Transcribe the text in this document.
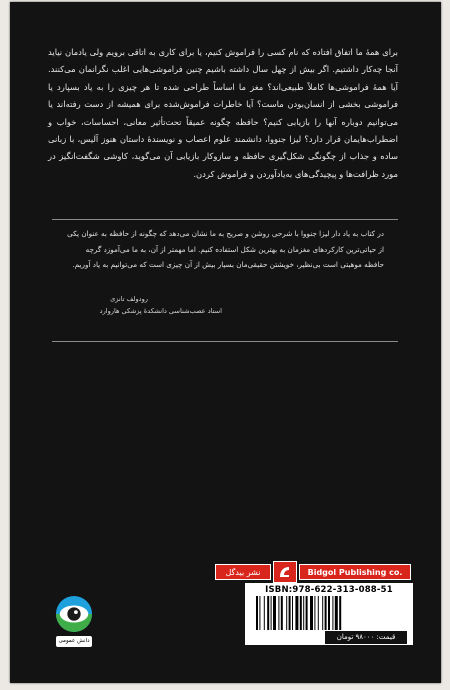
برای همهٔ ما اتفاق افتاده که نام کسی را فراموش کنیم، یا برای کاری به اتاقی برویم ولی یادمان نیاید آنجا چه‌کار داشتیم. اگر بیش از چهل سال داشته باشیم چنین فراموشی‌هایی اغلب نگرانمان می‌کنند. آیا همهٔ فراموشی‌ها کاملاً طبیعی‌اند؟ مغز ما اساساً طراحی شده تا هر چیزی را به یاد بسپارد یا فراموشی بخشی از انسان‌بودن ماست؟ آیا خاطرات فراموش‌شده برای همیشه از دست رفته‌اند یا می‌توانیم دوباره آنها را بازیابی کنیم؟ حافظه چگونه عمیقاً تحت‌تأثیر معانی، احساسات، خواب و اضطراب‌هایمان قرار دارد؟ لیزا جنووا، دانشمند علوم اعصاب و نویسندهٔ داستان هنوز آلیس، با زبانی ساده و جذاب از چگونگی شکل‌گیری حافظه و سازوکار بازیابی آن می‌گوید، کاوشی شگفت‌انگیز در مورد ظرافت‌ها و پیچیدگی‌های به‌یادآوردن و فراموش کردن.

در کتاب به یاد دار لیزا جنووا با شرحی روشن و صریح به ما نشان می‌دهد که چگونه از حافظه به عنوان یکی از حیاتی‌ترین کارکردهای مغزمان به بهترین شکل استفاده کنیم. اما مهمتر از آن، به ما می‌آموزد گرچه حافظه موهبتی است بی‌نظیر، خویشتن حقیقی‌مان بسیار بیش از آن چیزی است که می‌توانیم به یاد آوریم.

رودولف تانزی
استاد عصب‌شناسی دانشکدهٔ پزشکی هاروارد
دانش عمومی
نشر بیدگل	Bidgol Publishing co.
ISBN:978-622-313-088-51
قیمت: ۹۸۰۰۰ تومان
